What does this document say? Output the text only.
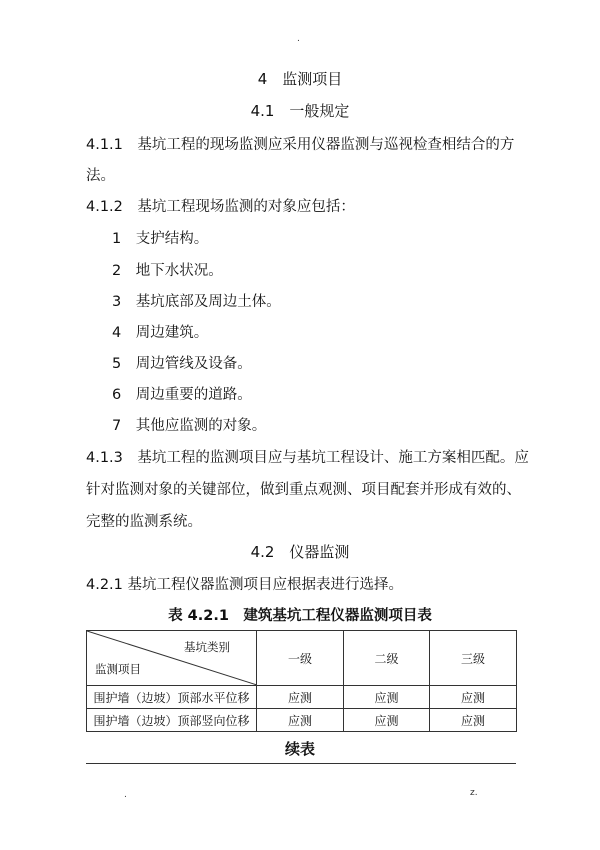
.
4　监测项目
4.1　一般规定
4.1.1　基坑工程的现场监测应采用仪器监测与巡视检查相结合的方
法。
4.1.2　基坑工程现场监测的对象应包括：
1　支护结构。
2　地下水状况。
3　基坑底部及周边土体。
4　周边建筑。
5　周边管线及设备。
6　周边重要的道路。
7　其他应监测的对象。
4.1.3　基坑工程的监测项目应与基坑工程设计、施工方案相匹配。应
针对监测对象的关键部位，做到重点观测、项目配套并形成有效的、
完整的监测系统。
4.2　仪器监测
4.2.1 基坑工程仪器监测项目应根据表进行选择。
表 4.2.1　建筑基坑工程仪器监测项目表
基坑类别
监测项目	一级	二级	三级
围护墙（边坡）顶部水平位移	应测	应测	应测
围护墙（边坡）顶部竖向位移	应测	应测	应测
续表
.	z.
